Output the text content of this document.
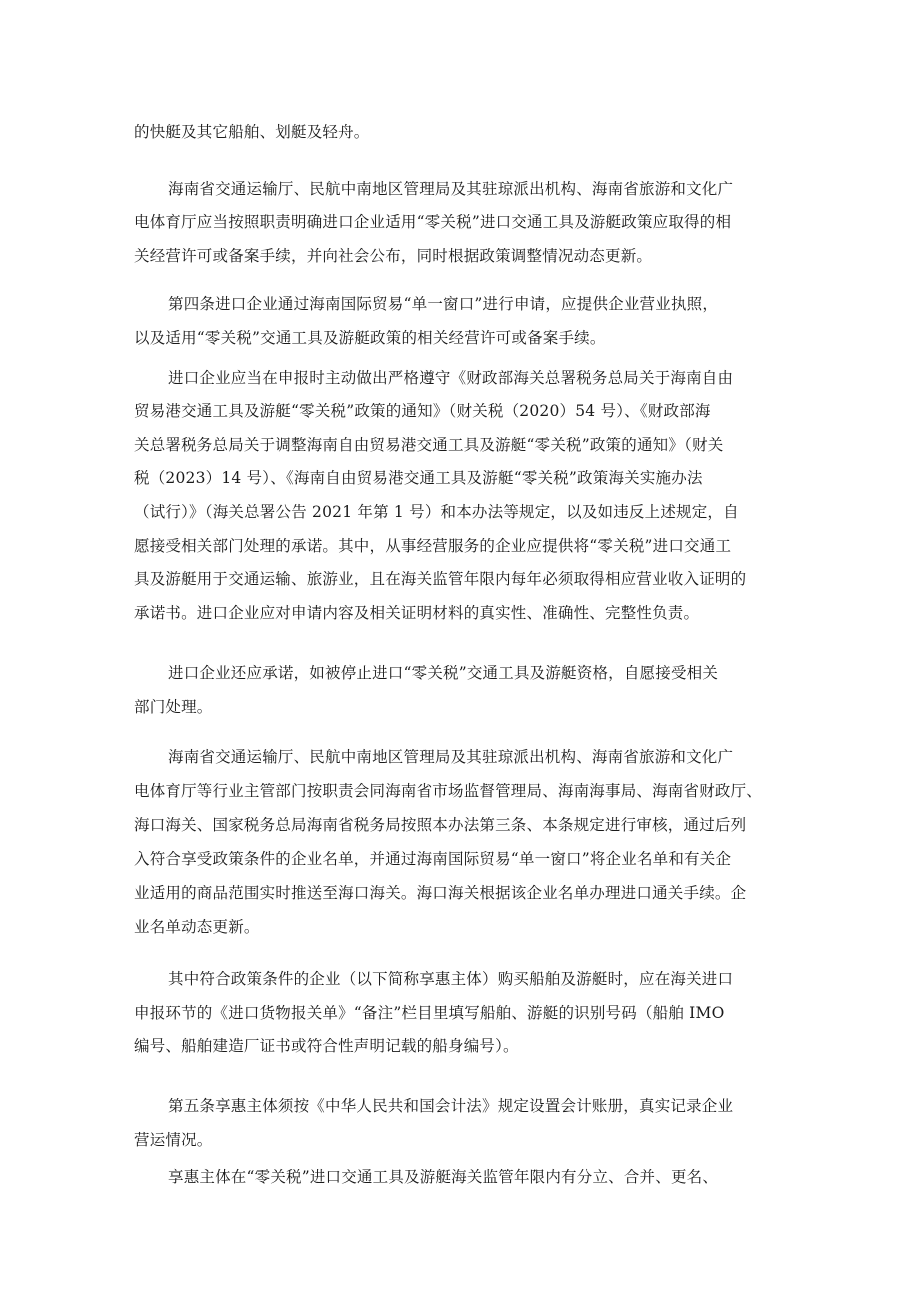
的快艇及其它船舶、划艇及轻舟。
海南省交通运输厅、民航中南地区管理局及其驻琼派出机构、海南省旅游和文化广
电体育厅应当按照职责明确进口企业适用“零关税”进口交通工具及游艇政策应取得的相
关经营许可或备案手续，并向社会公布，同时根据政策调整情况动态更新。
第四条进口企业通过海南国际贸易“单一窗口”进行申请，应提供企业营业执照，
以及适用“零关税”交通工具及游艇政策的相关经营许可或备案手续。
进口企业应当在申报时主动做出严格遵守《财政部海关总署税务总局关于海南自由
贸易港交通工具及游艇“零关税”政策的通知》（财关税（2020）54 号）、《财政部海
关总署税务总局关于调整海南自由贸易港交通工具及游艇“零关税”政策的通知》（财关
税（2023）14 号）、《海南自由贸易港交通工具及游艇“零关税”政策海关实施办法
（试行）》（海关总署公告 2021 年第 1 号）和本办法等规定，以及如违反上述规定，自
愿接受相关部门处理的承诺。其中，从事经营服务的企业应提供将“零关税”进口交通工
具及游艇用于交通运输、旅游业，且在海关监管年限内每年必须取得相应营业收入证明的
承诺书。进口企业应对申请内容及相关证明材料的真实性、准确性、完整性负责。
进口企业还应承诺，如被停止进口“零关税”交通工具及游艇资格，自愿接受相关
部门处理。
海南省交通运输厅、民航中南地区管理局及其驻琼派出机构、海南省旅游和文化广
电体育厅等行业主管部门按职责会同海南省市场监督管理局、海南海事局、海南省财政厅、
海口海关、国家税务总局海南省税务局按照本办法第三条、本条规定进行审核，通过后列
入符合享受政策条件的企业名单，并通过海南国际贸易“单一窗口”将企业名单和有关企
业适用的商品范围实时推送至海口海关。海口海关根据该企业名单办理进口通关手续。企
业名单动态更新。
其中符合政策条件的企业（以下简称享惠主体）购买船舶及游艇时，应在海关进口
申报环节的《进口货物报关单》“备注”栏目里填写船舶、游艇的识别号码（船舶 IMO
编号、船舶建造厂证书或符合性声明记载的船身编号）。
第五条享惠主体须按《中华人民共和国会计法》规定设置会计账册，真实记录企业
营运情况。
享惠主体在“零关税”进口交通工具及游艇海关监管年限内有分立、合并、更名、
